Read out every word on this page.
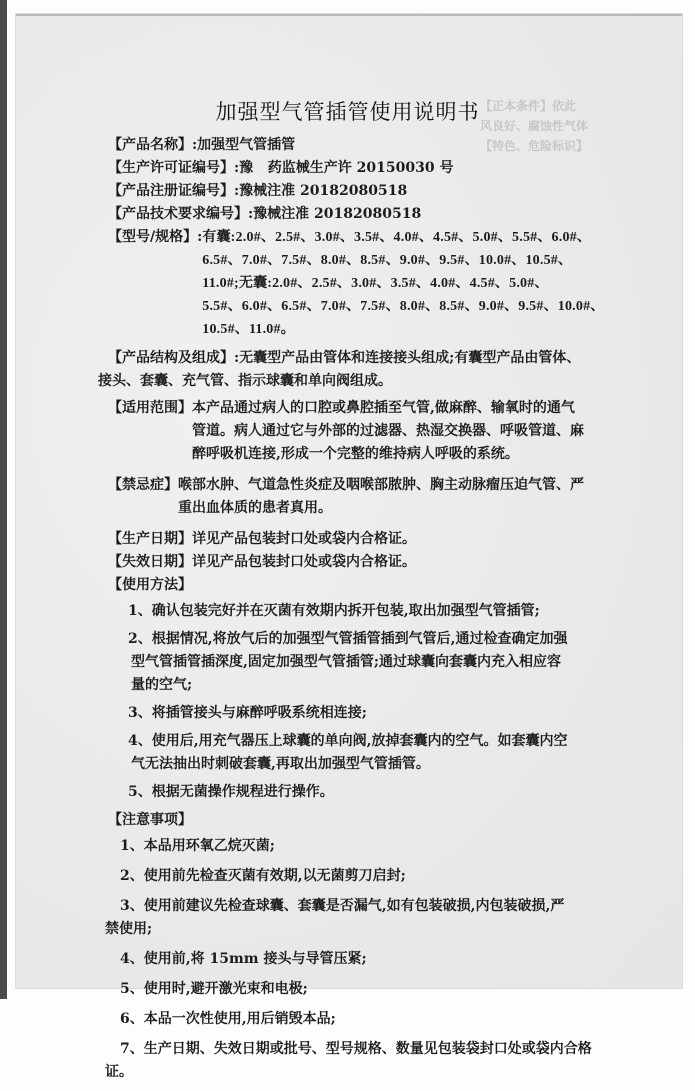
【正本条件】依此
风良好、腐蚀性气体
【特色、危险标识】
加强型气管插管使用说明书
【产品名称】: 加强型气管插管
【生产许可证编号】: 豫   药监械生产许 20150030 号
【产品注册证编号】: 豫械注准 20182080518
【产品技术要求编号】: 豫械注准 20182080518
【型号/规格】: 有囊:2.0#、2.5#、3.0#、3.5#、4.0#、4.5#、5.0#、5.5#、6.0#、
6.5#、7.0#、7.5#、8.0#、8.5#、9.0#、9.5#、10.0#、10.5#、
11.0#;无囊:2.0#、2.5#、3.0#、3.5#、4.0#、4.5#、5.0#、
5.5#、6.0#、6.5#、7.0#、7.5#、8.0#、8.5#、9.0#、9.5#、10.0#、
10.5#、11.0#。
【产品结构及组成】: 无囊型产品由管体和连接接头组成;有囊型产品由管体、
接头、套囊、充气管、指示球囊和单向阀组成。
【适用范围】 本产品通过病人的口腔或鼻腔插至气管,做麻醉、输氧时的通气
管道。病人通过它与外部的过滤器、热湿交换器、呼吸管道、麻
醉呼吸机连接,形成一个完整的维持病人呼吸的系统。
【禁忌症】 喉部水肿、气道急性炎症及咽喉部脓肿、胸主动脉瘤压迫气管、严
重出血体质的患者真用。
【生产日期】 详见产品包装封口处或袋内合格证。
【失效日期】 详见产品包装封口处或袋内合格证。
【使用方法】
1、确认包装完好并在灭菌有效期内拆开包装,取出加强型气管插管;
2、根据情况,将放气后的加强型气管插管插到气管后,通过检查确定加强
型气管插管插深度,固定加强型气管插管;通过球囊向套囊内充入相应容
量的空气;
3、将插管接头与麻醉呼吸系统相连接;
4、使用后,用充气器压上球囊的单向阀,放掉套囊内的空气。如套囊内空
气无法抽出时刺破套囊,再取出加强型气管插管。
5、根据无菌操作规程进行操作。
【注意事项】
1、本品用环氧乙烷灭菌;
2、使用前先检查灭菌有效期,以无菌剪刀启封;
3、使用前建议先检查球囊、套囊是否漏气,如有包装破损,内包装破损,严
禁使用;
4、使用前,将 15mm 接头与导管压紧;
5、使用时,避开激光束和电极;
6、本品一次性使用,用后销毁本品;
7、生产日期、失效日期或批号、型号规格、数量见包装袋封口处或袋内合格
证。
